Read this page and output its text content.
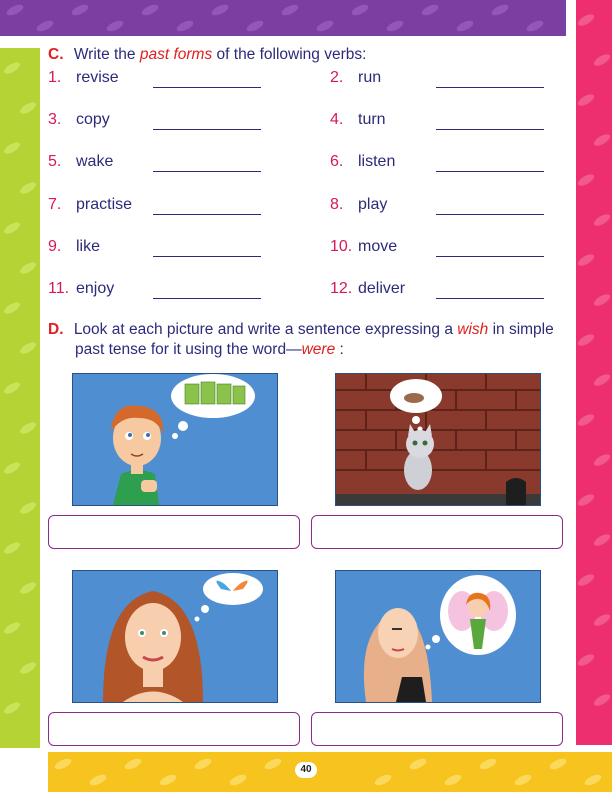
C. Write the past forms of the following verbs:
1. revise	2. run
3. copy	4. turn
5. wake	6. listen
7. practise	8. play
9. like	10. move
11. enjoy	12. deliver
D. Look at each picture and write a sentence expressing a wish in simple
past tense for it using the word—were :
40
